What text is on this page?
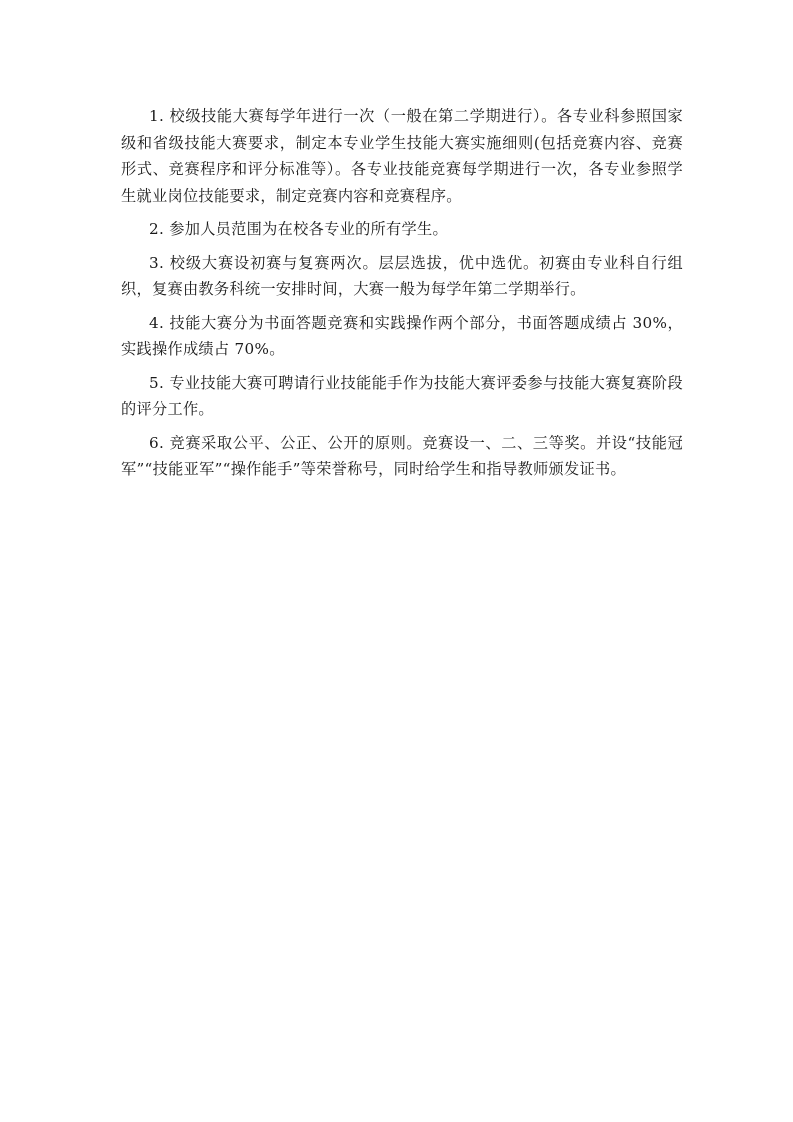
1. 校级技能大赛每学年进行一次（一般在第二学期进行）。各专业科参照国家级和省级技能大赛要求，制定本专业学生技能大赛实施细则(包括竞赛内容、竞赛形式、竞赛程序和评分标准等）。各专业技能竞赛每学期进行一次，各专业参照学生就业岗位技能要求，制定竞赛内容和竞赛程序。

2. 参加人员范围为在校各专业的所有学生。

3. 校级大赛设初赛与复赛两次。层层选拔，优中选优。初赛由专业科自行组织，复赛由教务科统一安排时间，大赛一般为每学年第二学期举行。

4. 技能大赛分为书面答题竞赛和实践操作两个部分，书面答题成绩占 30%，实践操作成绩占 70%。

5. 专业技能大赛可聘请行业技能能手作为技能大赛评委参与技能大赛复赛阶段的评分工作。

6. 竞赛采取公平、公正、公开的原则。竞赛设一、二、三等奖。并设“技能冠军”“技能亚军”“操作能手”等荣誉称号，同时给学生和指导教师颁发证书。
